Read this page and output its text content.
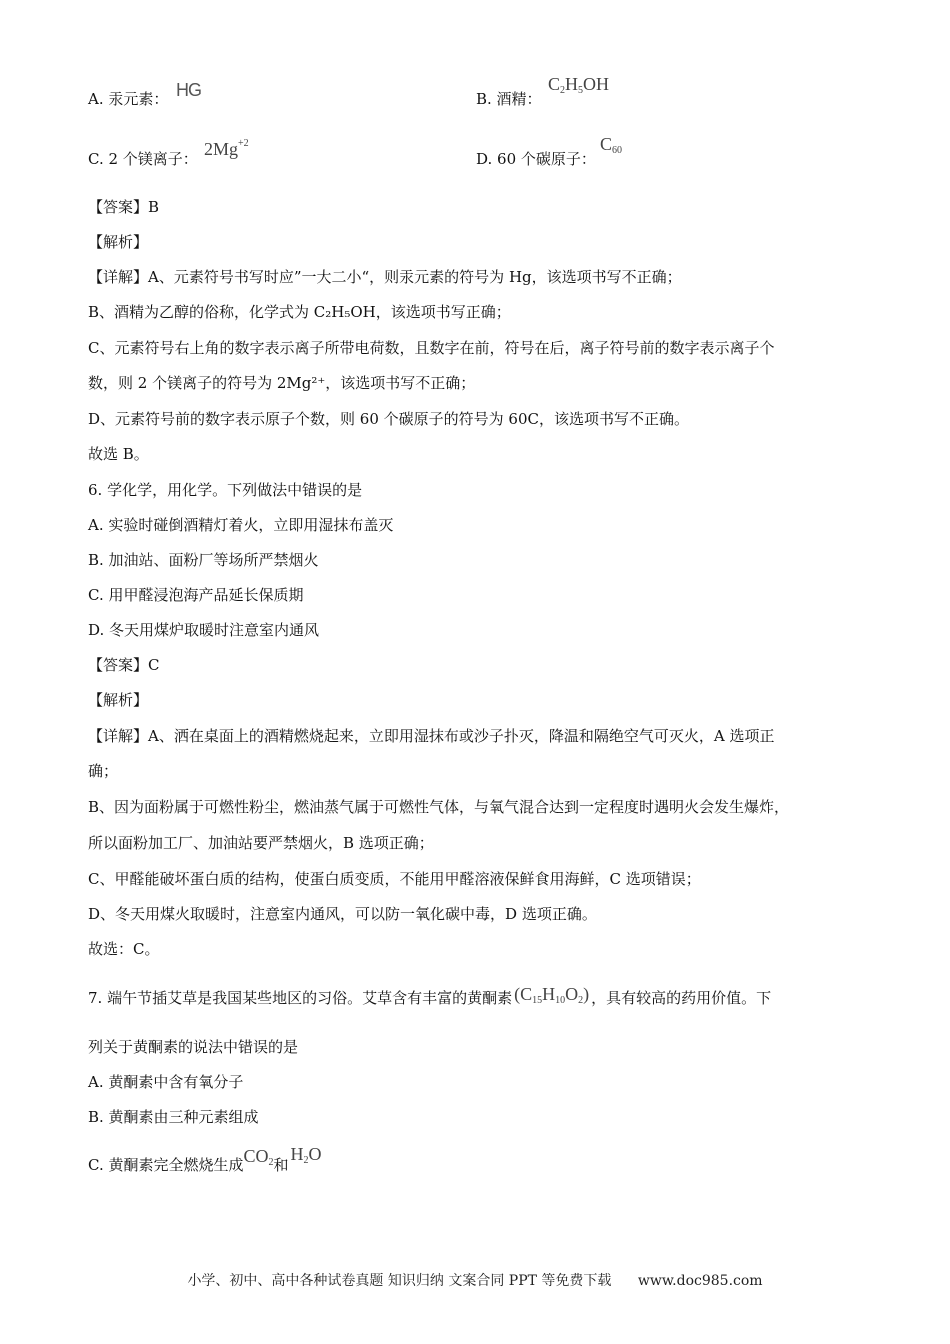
A. 汞元素： HG	B. 酒精：
$C_2H_5OH$
C. 2 个镁离子： $2Mg^{+2}$
D. 60 个碳原子：
$C_{60}$
【答案】B
【解析】
【详解】A、元素符号书写时应”一大二小“，则汞元素的符号为 Hg，该选项书写不正确；
B、酒精为乙醇的俗称，化学式为 C₂H₅OH，该选项书写正确；
C、元素符号右上角的数字表示离子所带电荷数，且数字在前，符号在后，离子符号前的数字表示离子个
数，则 2 个镁离子的符号为 2Mg²⁺，该选项书写不正确；
D、元素符号前的数字表示原子个数，则 60 个碳原子的符号为 60C，该选项书写不正确。
故选 B。
6. 学化学，用化学。下列做法中错误的是
A. 实验时碰倒酒精灯着火，立即用湿抹布盖灭
B. 加油站、面粉厂等场所严禁烟火
C. 用甲醛浸泡海产品延长保质期
D. 冬天用煤炉取暖时注意室内通风
【答案】C
【解析】
【详解】A、洒在桌面上的酒精燃烧起来，立即用湿抹布或沙子扑灭，降温和隔绝空气可灭火，A 选项正
确；
B、因为面粉属于可燃性粉尘，燃油蒸气属于可燃性气体，与氧气混合达到一定程度时遇明火会发生爆炸，
所以面粉加工厂、加油站要严禁烟火，B 选项正确；
C、甲醛能破坏蛋白质的结构，使蛋白质变质，不能用甲醛溶液保鲜食用海鲜，C 选项错误；
D、冬天用煤火取暖时，注意室内通风，可以防一氧化碳中毒，D 选项正确。
故选：C。
7. 端午节插艾草是我国某些地区的习俗。艾草含有丰富的黄酮素 $(C_{15}H_{10}O_2)$ ，具有较高的药用价值。下
列关于黄酮素的说法中错误的是
A. 黄酮素中含有氧分子
B. 黄酮素由三种元素组成
C. 黄酮素完全燃烧生成$CO_2$和$H_2O$
小学、初中、高中各种试卷真题 知识归纳 文案合同 PPT 等免费下载 www.doc985.com
